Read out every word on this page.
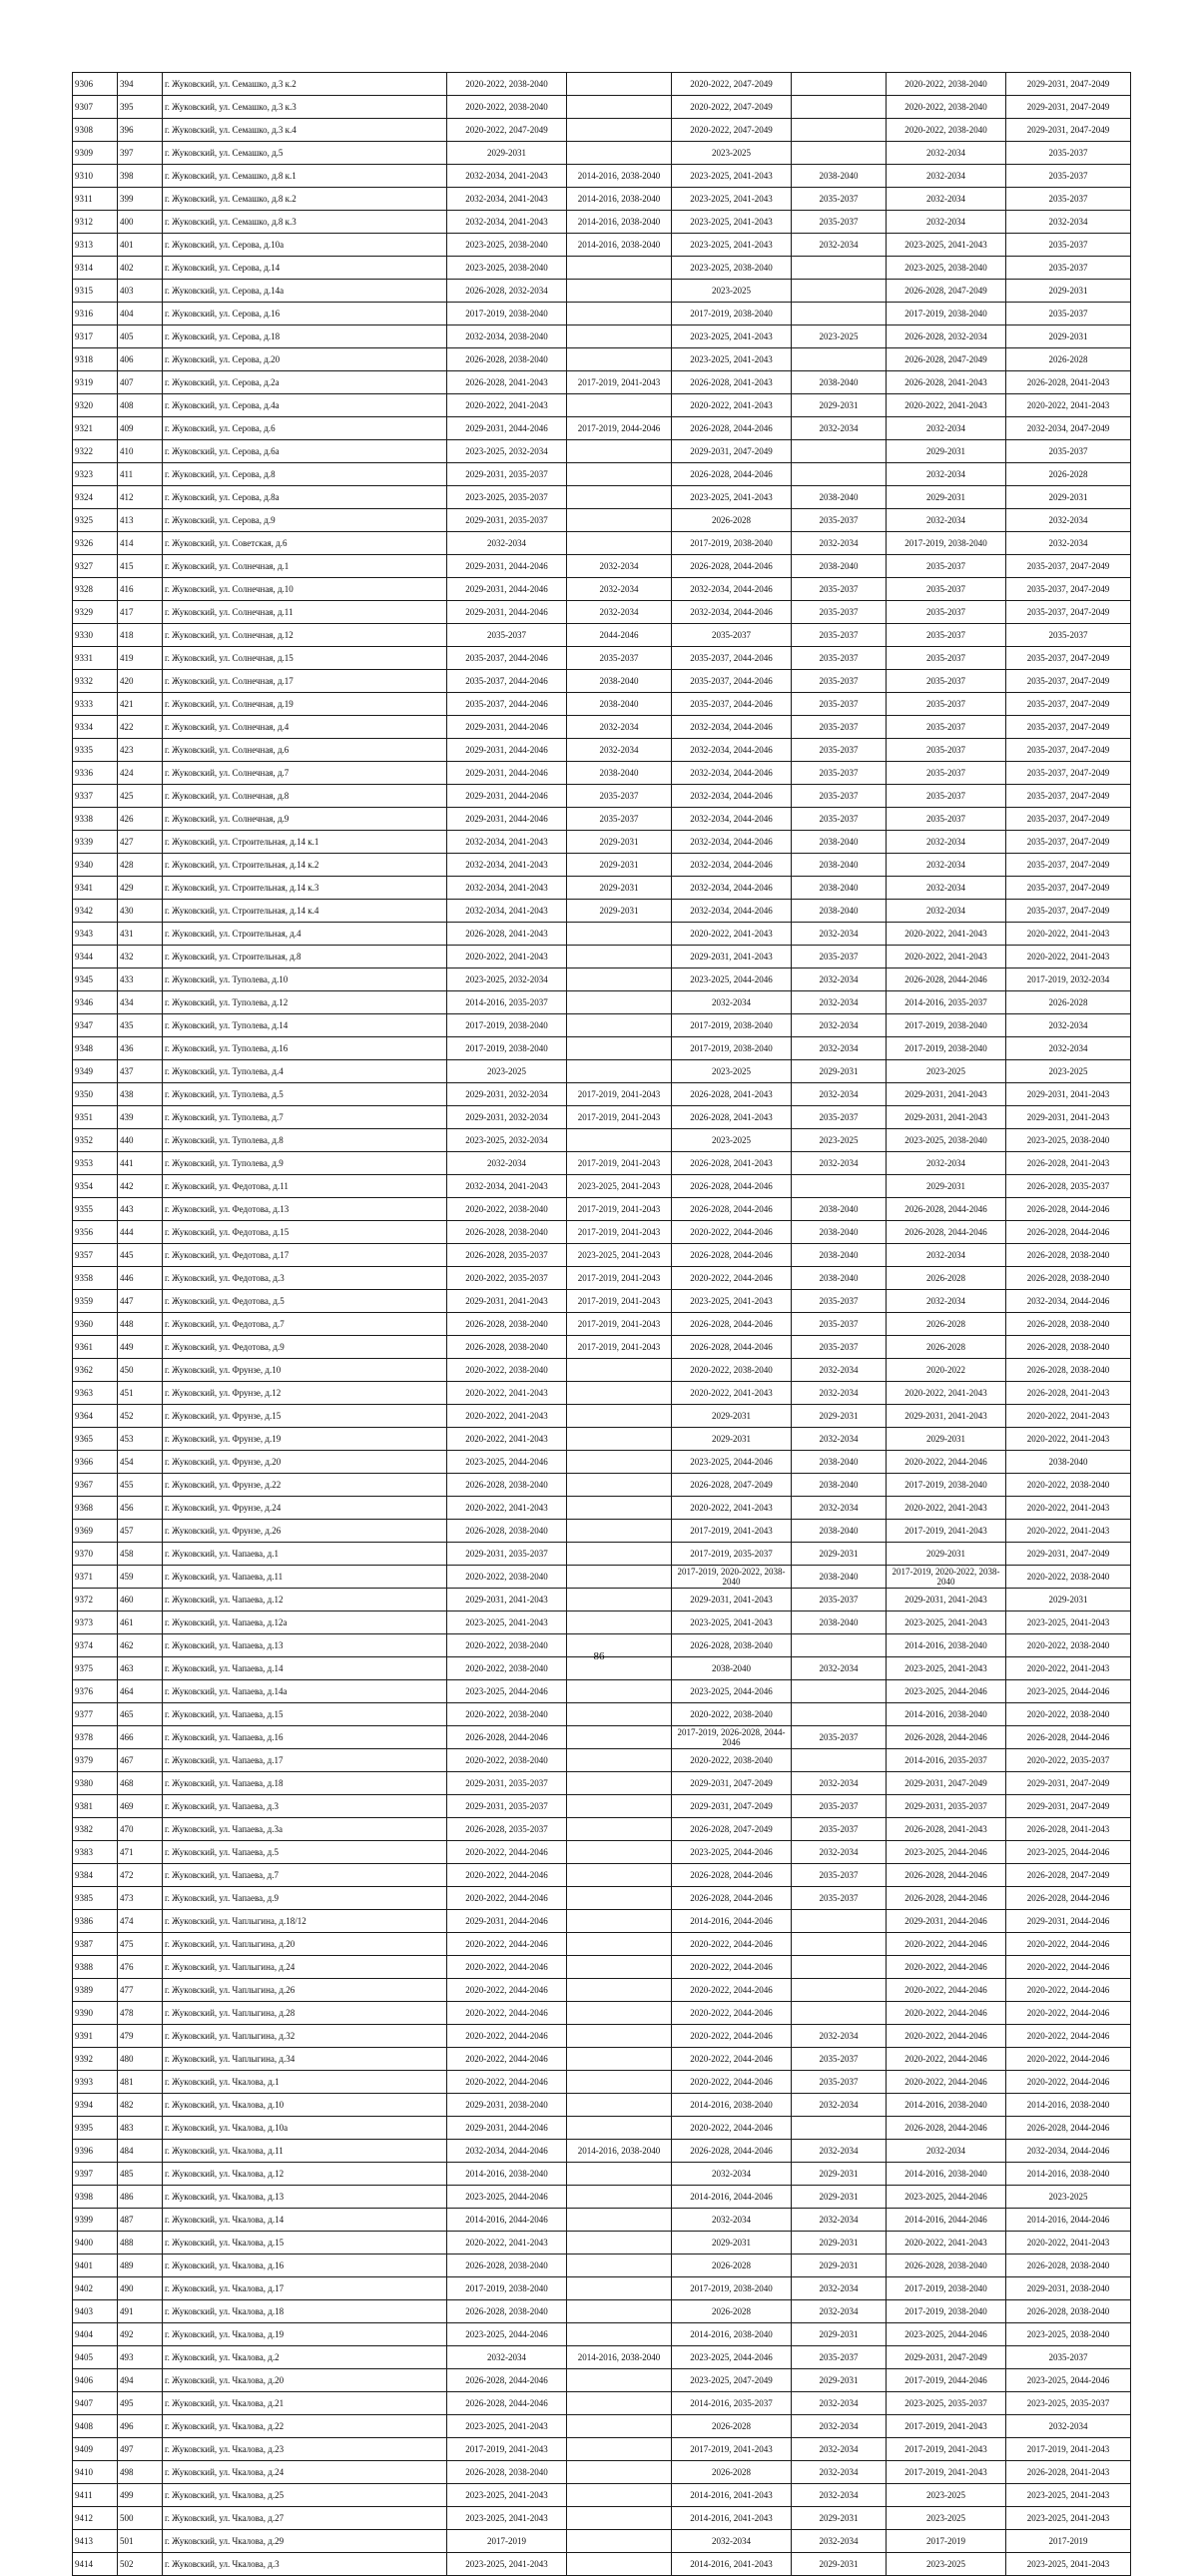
9306	394	г. Жуковский, ул. Семашко, д.3 к.2	2020-2022, 2038-2040		2020-2022, 2047-2049		2020-2022, 2038-2040	2029-2031, 2047-2049
9307	395	г. Жуковский, ул. Семашко, д.3 к.3	2020-2022, 2038-2040		2020-2022, 2047-2049		2020-2022, 2038-2040	2029-2031, 2047-2049
9308	396	г. Жуковский, ул. Семашко, д.3 к.4	2020-2022, 2047-2049		2020-2022, 2047-2049		2020-2022, 2038-2040	2029-2031, 2047-2049
9309	397	г. Жуковский, ул. Семашко, д.5	2029-2031		2023-2025		2032-2034	2035-2037
9310	398	г. Жуковский, ул. Семашко, д.8 к.1	2032-2034, 2041-2043	2014-2016, 2038-2040	2023-2025, 2041-2043	2038-2040	2032-2034	2035-2037
9311	399	г. Жуковский, ул. Семашко, д.8 к.2	2032-2034, 2041-2043	2014-2016, 2038-2040	2023-2025, 2041-2043	2035-2037	2032-2034	2035-2037
9312	400	г. Жуковский, ул. Семашко, д.8 к.3	2032-2034, 2041-2043	2014-2016, 2038-2040	2023-2025, 2041-2043	2035-2037	2032-2034	2032-2034
9313	401	г. Жуковский, ул. Серова, д.10а	2023-2025, 2038-2040	2014-2016, 2038-2040	2023-2025, 2041-2043	2032-2034	2023-2025, 2041-2043	2035-2037
9314	402	г. Жуковский, ул. Серова, д.14	2023-2025, 2038-2040		2023-2025, 2038-2040		2023-2025, 2038-2040	2035-2037
9315	403	г. Жуковский, ул. Серова, д.14а	2026-2028, 2032-2034		2023-2025		2026-2028, 2047-2049	2029-2031
9316	404	г. Жуковский, ул. Серова, д.16	2017-2019, 2038-2040		2017-2019, 2038-2040		2017-2019, 2038-2040	2035-2037
9317	405	г. Жуковский, ул. Серова, д.18	2032-2034, 2038-2040		2023-2025, 2041-2043	2023-2025	2026-2028, 2032-2034	2029-2031
9318	406	г. Жуковский, ул. Серова, д.20	2026-2028, 2038-2040		2023-2025, 2041-2043		2026-2028, 2047-2049	2026-2028
9319	407	г. Жуковский, ул. Серова, д.2а	2026-2028, 2041-2043	2017-2019, 2041-2043	2026-2028, 2041-2043	2038-2040	2026-2028, 2041-2043	2026-2028, 2041-2043
9320	408	г. Жуковский, ул. Серова, д.4а	2020-2022, 2041-2043		2020-2022, 2041-2043	2029-2031	2020-2022, 2041-2043	2020-2022, 2041-2043
9321	409	г. Жуковский, ул. Серова, д.6	2029-2031, 2044-2046	2017-2019, 2044-2046	2026-2028, 2044-2046	2032-2034	2032-2034	2032-2034, 2047-2049
9322	410	г. Жуковский, ул. Серова, д.6а	2023-2025, 2032-2034		2029-2031, 2047-2049		2029-2031	2035-2037
9323	411	г. Жуковский, ул. Серова, д.8	2029-2031, 2035-2037		2026-2028, 2044-2046		2032-2034	2026-2028
9324	412	г. Жуковский, ул. Серова, д.8а	2023-2025, 2035-2037		2023-2025, 2041-2043	2038-2040	2029-2031	2029-2031
9325	413	г. Жуковский, ул. Серова, д.9	2029-2031, 2035-2037		2026-2028	2035-2037	2032-2034	2032-2034
9326	414	г. Жуковский, ул. Советская, д.6	2032-2034		2017-2019, 2038-2040	2032-2034	2017-2019, 2038-2040	2032-2034
9327	415	г. Жуковский, ул. Солнечная, д.1	2029-2031, 2044-2046	2032-2034	2026-2028, 2044-2046	2038-2040	2035-2037	2035-2037, 2047-2049
9328	416	г. Жуковский, ул. Солнечная, д.10	2029-2031, 2044-2046	2032-2034	2032-2034, 2044-2046	2035-2037	2035-2037	2035-2037, 2047-2049
9329	417	г. Жуковский, ул. Солнечная, д.11	2029-2031, 2044-2046	2032-2034	2032-2034, 2044-2046	2035-2037	2035-2037	2035-2037, 2047-2049
9330	418	г. Жуковский, ул. Солнечная, д.12	2035-2037	2044-2046	2035-2037	2035-2037	2035-2037	2035-2037
9331	419	г. Жуковский, ул. Солнечная, д.15	2035-2037, 2044-2046	2035-2037	2035-2037, 2044-2046	2035-2037	2035-2037	2035-2037, 2047-2049
9332	420	г. Жуковский, ул. Солнечная, д.17	2035-2037, 2044-2046	2038-2040	2035-2037, 2044-2046	2035-2037	2035-2037	2035-2037, 2047-2049
9333	421	г. Жуковский, ул. Солнечная, д.19	2035-2037, 2044-2046	2038-2040	2035-2037, 2044-2046	2035-2037	2035-2037	2035-2037, 2047-2049
9334	422	г. Жуковский, ул. Солнечная, д.4	2029-2031, 2044-2046	2032-2034	2032-2034, 2044-2046	2035-2037	2035-2037	2035-2037, 2047-2049
9335	423	г. Жуковский, ул. Солнечная, д.6	2029-2031, 2044-2046	2032-2034	2032-2034, 2044-2046	2035-2037	2035-2037	2035-2037, 2047-2049
9336	424	г. Жуковский, ул. Солнечная, д.7	2029-2031, 2044-2046	2038-2040	2032-2034, 2044-2046	2035-2037	2035-2037	2035-2037, 2047-2049
9337	425	г. Жуковский, ул. Солнечная, д.8	2029-2031, 2044-2046	2035-2037	2032-2034, 2044-2046	2035-2037	2035-2037	2035-2037, 2047-2049
9338	426	г. Жуковский, ул. Солнечная, д.9	2029-2031, 2044-2046	2035-2037	2032-2034, 2044-2046	2035-2037	2035-2037	2035-2037, 2047-2049
9339	427	г. Жуковский, ул. Строительная, д.14 к.1	2032-2034, 2041-2043	2029-2031	2032-2034, 2044-2046	2038-2040	2032-2034	2035-2037, 2047-2049
9340	428	г. Жуковский, ул. Строительная, д.14 к.2	2032-2034, 2041-2043	2029-2031	2032-2034, 2044-2046	2038-2040	2032-2034	2035-2037, 2047-2049
9341	429	г. Жуковский, ул. Строительная, д.14 к.3	2032-2034, 2041-2043	2029-2031	2032-2034, 2044-2046	2038-2040	2032-2034	2035-2037, 2047-2049
9342	430	г. Жуковский, ул. Строительная, д.14 к.4	2032-2034, 2041-2043	2029-2031	2032-2034, 2044-2046	2038-2040	2032-2034	2035-2037, 2047-2049
9343	431	г. Жуковский, ул. Строительная, д.4	2026-2028, 2041-2043		2020-2022, 2041-2043	2032-2034	2020-2022, 2041-2043	2020-2022, 2041-2043
9344	432	г. Жуковский, ул. Строительная, д.8	2020-2022, 2041-2043		2029-2031, 2041-2043	2035-2037	2020-2022, 2041-2043	2020-2022, 2041-2043
9345	433	г. Жуковский, ул. Туполева, д.10	2023-2025, 2032-2034		2023-2025, 2044-2046	2032-2034	2026-2028, 2044-2046	2017-2019, 2032-2034
9346	434	г. Жуковский, ул. Туполева, д.12	2014-2016, 2035-2037		2032-2034	2032-2034	2014-2016, 2035-2037	2026-2028
9347	435	г. Жуковский, ул. Туполева, д.14	2017-2019, 2038-2040		2017-2019, 2038-2040	2032-2034	2017-2019, 2038-2040	2032-2034
9348	436	г. Жуковский, ул. Туполева, д.16	2017-2019, 2038-2040		2017-2019, 2038-2040	2032-2034	2017-2019, 2038-2040	2032-2034
9349	437	г. Жуковский, ул. Туполева, д.4	2023-2025		2023-2025	2029-2031	2023-2025	2023-2025
9350	438	г. Жуковский, ул. Туполева, д.5	2029-2031, 2032-2034	2017-2019, 2041-2043	2026-2028, 2041-2043	2032-2034	2029-2031, 2041-2043	2029-2031, 2041-2043
9351	439	г. Жуковский, ул. Туполева, д.7	2029-2031, 2032-2034	2017-2019, 2041-2043	2026-2028, 2041-2043	2035-2037	2029-2031, 2041-2043	2029-2031, 2041-2043
9352	440	г. Жуковский, ул. Туполева, д.8	2023-2025, 2032-2034		2023-2025	2023-2025	2023-2025, 2038-2040	2023-2025, 2038-2040
9353	441	г. Жуковский, ул. Туполева, д.9	2032-2034	2017-2019, 2041-2043	2026-2028, 2041-2043	2032-2034	2032-2034	2026-2028, 2041-2043
9354	442	г. Жуковский, ул. Федотова, д.11	2032-2034, 2041-2043	2023-2025, 2041-2043	2026-2028, 2044-2046		2029-2031	2026-2028, 2035-2037
9355	443	г. Жуковский, ул. Федотова, д.13	2020-2022, 2038-2040	2017-2019, 2041-2043	2026-2028, 2044-2046	2038-2040	2026-2028, 2044-2046	2026-2028, 2044-2046
9356	444	г. Жуковский, ул. Федотова, д.15	2026-2028, 2038-2040	2017-2019, 2041-2043	2020-2022, 2044-2046	2038-2040	2026-2028, 2044-2046	2026-2028, 2044-2046
9357	445	г. Жуковский, ул. Федотова, д.17	2026-2028, 2035-2037	2023-2025, 2041-2043	2026-2028, 2044-2046	2038-2040	2032-2034	2026-2028, 2038-2040
9358	446	г. Жуковский, ул. Федотова, д.3	2020-2022, 2035-2037	2017-2019, 2041-2043	2020-2022, 2044-2046	2038-2040	2026-2028	2026-2028, 2038-2040
9359	447	г. Жуковский, ул. Федотова, д.5	2029-2031, 2041-2043	2017-2019, 2041-2043	2023-2025, 2041-2043	2035-2037	2032-2034	2032-2034, 2044-2046
9360	448	г. Жуковский, ул. Федотова, д.7	2026-2028, 2038-2040	2017-2019, 2041-2043	2026-2028, 2044-2046	2035-2037	2026-2028	2026-2028, 2038-2040
9361	449	г. Жуковский, ул. Федотова, д.9	2026-2028, 2038-2040	2017-2019, 2041-2043	2026-2028, 2044-2046	2035-2037	2026-2028	2026-2028, 2038-2040
9362	450	г. Жуковский, ул. Фрунзе, д.10	2020-2022, 2038-2040		2020-2022, 2038-2040	2032-2034	2020-2022	2026-2028, 2038-2040
9363	451	г. Жуковский, ул. Фрунзе, д.12	2020-2022, 2041-2043		2020-2022, 2041-2043	2032-2034	2020-2022, 2041-2043	2026-2028, 2041-2043
9364	452	г. Жуковский, ул. Фрунзе, д.15	2020-2022, 2041-2043		2029-2031	2029-2031	2029-2031, 2041-2043	2020-2022, 2041-2043
9365	453	г. Жуковский, ул. Фрунзе, д.19	2020-2022, 2041-2043		2029-2031	2032-2034	2029-2031	2020-2022, 2041-2043
9366	454	г. Жуковский, ул. Фрунзе, д.20	2023-2025, 2044-2046		2023-2025, 2044-2046	2038-2040	2020-2022, 2044-2046	2038-2040
9367	455	г. Жуковский, ул. Фрунзе, д.22	2026-2028, 2038-2040		2026-2028, 2047-2049	2038-2040	2017-2019, 2038-2040	2020-2022, 2038-2040
9368	456	г. Жуковский, ул. Фрунзе, д.24	2020-2022, 2041-2043		2020-2022, 2041-2043	2032-2034	2020-2022, 2041-2043	2020-2022, 2041-2043
9369	457	г. Жуковский, ул. Фрунзе, д.26	2026-2028, 2038-2040		2017-2019, 2041-2043	2038-2040	2017-2019, 2041-2043	2020-2022, 2041-2043
9370	458	г. Жуковский, ул. Чапаева, д.1	2029-2031, 2035-2037		2017-2019, 2035-2037	2029-2031	2029-2031	2029-2031, 2047-2049
9371	459	г. Жуковский, ул. Чапаева, д.11	2020-2022, 2038-2040		2017-2019, 2020-2022, 2038-2040	2038-2040	2017-2019, 2020-2022, 2038-2040	2020-2022, 2038-2040
9372	460	г. Жуковский, ул. Чапаева, д.12	2029-2031, 2041-2043		2029-2031, 2041-2043	2035-2037	2029-2031, 2041-2043	2029-2031
9373	461	г. Жуковский, ул. Чапаева, д.12а	2023-2025, 2041-2043		2023-2025, 2041-2043	2038-2040	2023-2025, 2041-2043	2023-2025, 2041-2043
9374	462	г. Жуковский, ул. Чапаева, д.13	2020-2022, 2038-2040		2026-2028, 2038-2040		2014-2016, 2038-2040	2020-2022, 2038-2040
9375	463	г. Жуковский, ул. Чапаева, д.14	2020-2022, 2038-2040		2038-2040	2032-2034	2023-2025, 2041-2043	2020-2022, 2041-2043
9376	464	г. Жуковский, ул. Чапаева, д.14а	2023-2025, 2044-2046		2023-2025, 2044-2046		2023-2025, 2044-2046	2023-2025, 2044-2046
9377	465	г. Жуковский, ул. Чапаева, д.15	2020-2022, 2038-2040		2020-2022, 2038-2040		2014-2016, 2038-2040	2020-2022, 2038-2040
9378	466	г. Жуковский, ул. Чапаева, д.16	2026-2028, 2044-2046		2017-2019, 2026-2028, 2044-2046	2035-2037	2026-2028, 2044-2046	2026-2028, 2044-2046
9379	467	г. Жуковский, ул. Чапаева, д.17	2020-2022, 2038-2040		2020-2022, 2038-2040		2014-2016, 2035-2037	2020-2022, 2035-2037
9380	468	г. Жуковский, ул. Чапаева, д.18	2029-2031, 2035-2037		2029-2031, 2047-2049	2032-2034	2029-2031, 2047-2049	2029-2031, 2047-2049
9381	469	г. Жуковский, ул. Чапаева, д.3	2029-2031, 2035-2037		2029-2031, 2047-2049	2035-2037	2029-2031, 2035-2037	2029-2031, 2047-2049
9382	470	г. Жуковский, ул. Чапаева, д.3а	2026-2028, 2035-2037		2026-2028, 2047-2049	2035-2037	2026-2028, 2041-2043	2026-2028, 2041-2043
9383	471	г. Жуковский, ул. Чапаева, д.5	2020-2022, 2044-2046		2023-2025, 2044-2046	2032-2034	2023-2025, 2044-2046	2023-2025, 2044-2046
9384	472	г. Жуковский, ул. Чапаева, д.7	2020-2022, 2044-2046		2026-2028, 2044-2046	2035-2037	2026-2028, 2044-2046	2026-2028, 2047-2049
9385	473	г. Жуковский, ул. Чапаева, д.9	2020-2022, 2044-2046		2026-2028, 2044-2046	2035-2037	2026-2028, 2044-2046	2026-2028, 2044-2046
9386	474	г. Жуковский, ул. Чаплыгина, д.18/12	2029-2031, 2044-2046		2014-2016, 2044-2046		2029-2031, 2044-2046	2029-2031, 2044-2046
9387	475	г. Жуковский, ул. Чаплыгина, д.20	2020-2022, 2044-2046		2020-2022, 2044-2046		2020-2022, 2044-2046	2020-2022, 2044-2046
9388	476	г. Жуковский, ул. Чаплыгина, д.24	2020-2022, 2044-2046		2020-2022, 2044-2046		2020-2022, 2044-2046	2020-2022, 2044-2046
9389	477	г. Жуковский, ул. Чаплыгина, д.26	2020-2022, 2044-2046		2020-2022, 2044-2046		2020-2022, 2044-2046	2020-2022, 2044-2046
9390	478	г. Жуковский, ул. Чаплыгина, д.28	2020-2022, 2044-2046		2020-2022, 2044-2046		2020-2022, 2044-2046	2020-2022, 2044-2046
9391	479	г. Жуковский, ул. Чаплыгина, д.32	2020-2022, 2044-2046		2020-2022, 2044-2046	2032-2034	2020-2022, 2044-2046	2020-2022, 2044-2046
9392	480	г. Жуковский, ул. Чаплыгина, д.34	2020-2022, 2044-2046		2020-2022, 2044-2046	2035-2037	2020-2022, 2044-2046	2020-2022, 2044-2046
9393	481	г. Жуковский, ул. Чкалова, д.1	2020-2022, 2044-2046		2020-2022, 2044-2046	2035-2037	2020-2022, 2044-2046	2020-2022, 2044-2046
9394	482	г. Жуковский, ул. Чкалова, д.10	2029-2031, 2038-2040		2014-2016, 2038-2040	2032-2034	2014-2016, 2038-2040	2014-2016, 2038-2040
9395	483	г. Жуковский, ул. Чкалова, д.10а	2029-2031, 2044-2046		2020-2022, 2044-2046		2026-2028, 2044-2046	2026-2028, 2044-2046
9396	484	г. Жуковский, ул. Чкалова, д.11	2032-2034, 2044-2046	2014-2016, 2038-2040	2026-2028, 2044-2046	2032-2034	2032-2034	2032-2034, 2044-2046
9397	485	г. Жуковский, ул. Чкалова, д.12	2014-2016, 2038-2040		2032-2034	2029-2031	2014-2016, 2038-2040	2014-2016, 2038-2040
9398	486	г. Жуковский, ул. Чкалова, д.13	2023-2025, 2044-2046		2014-2016, 2044-2046	2029-2031	2023-2025, 2044-2046	2023-2025
9399	487	г. Жуковский, ул. Чкалова, д.14	2014-2016, 2044-2046		2032-2034	2032-2034	2014-2016, 2044-2046	2014-2016, 2044-2046
9400	488	г. Жуковский, ул. Чкалова, д.15	2020-2022, 2041-2043		2029-2031	2029-2031	2020-2022, 2041-2043	2020-2022, 2041-2043
9401	489	г. Жуковский, ул. Чкалова, д.16	2026-2028, 2038-2040		2026-2028	2029-2031	2026-2028, 2038-2040	2026-2028, 2038-2040
9402	490	г. Жуковский, ул. Чкалова, д.17	2017-2019, 2038-2040		2017-2019, 2038-2040	2032-2034	2017-2019, 2038-2040	2029-2031, 2038-2040
9403	491	г. Жуковский, ул. Чкалова, д.18	2026-2028, 2038-2040		2026-2028	2032-2034	2017-2019, 2038-2040	2026-2028, 2038-2040
9404	492	г. Жуковский, ул. Чкалова, д.19	2023-2025, 2044-2046		2014-2016, 2038-2040	2029-2031	2023-2025, 2044-2046	2023-2025, 2038-2040
9405	493	г. Жуковский, ул. Чкалова, д.2	2032-2034	2014-2016, 2038-2040	2023-2025, 2044-2046	2035-2037	2029-2031, 2047-2049	2035-2037
9406	494	г. Жуковский, ул. Чкалова, д.20	2026-2028, 2044-2046		2023-2025, 2047-2049	2029-2031	2017-2019, 2044-2046	2023-2025, 2044-2046
9407	495	г. Жуковский, ул. Чкалова, д.21	2026-2028, 2044-2046		2014-2016, 2035-2037	2032-2034	2023-2025, 2035-2037	2023-2025, 2035-2037
9408	496	г. Жуковский, ул. Чкалова, д.22	2023-2025, 2041-2043		2026-2028	2032-2034	2017-2019, 2041-2043	2032-2034
9409	497	г. Жуковский, ул. Чкалова, д.23	2017-2019, 2041-2043		2017-2019, 2041-2043	2032-2034	2017-2019, 2041-2043	2017-2019, 2041-2043
9410	498	г. Жуковский, ул. Чкалова, д.24	2026-2028, 2038-2040		2026-2028	2032-2034	2017-2019, 2041-2043	2026-2028, 2041-2043
9411	499	г. Жуковский, ул. Чкалова, д.25	2023-2025, 2041-2043		2014-2016, 2041-2043	2032-2034	2023-2025	2023-2025, 2041-2043
9412	500	г. Жуковский, ул. Чкалова, д.27	2023-2025, 2041-2043		2014-2016, 2041-2043	2029-2031	2023-2025	2023-2025, 2041-2043
9413	501	г. Жуковский, ул. Чкалова, д.29	2017-2019		2032-2034	2032-2034	2017-2019	2017-2019
9414	502	г. Жуковский, ул. Чкалова, д.3	2023-2025, 2041-2043		2014-2016, 2041-2043	2029-2031	2023-2025	2023-2025, 2041-2043
86
